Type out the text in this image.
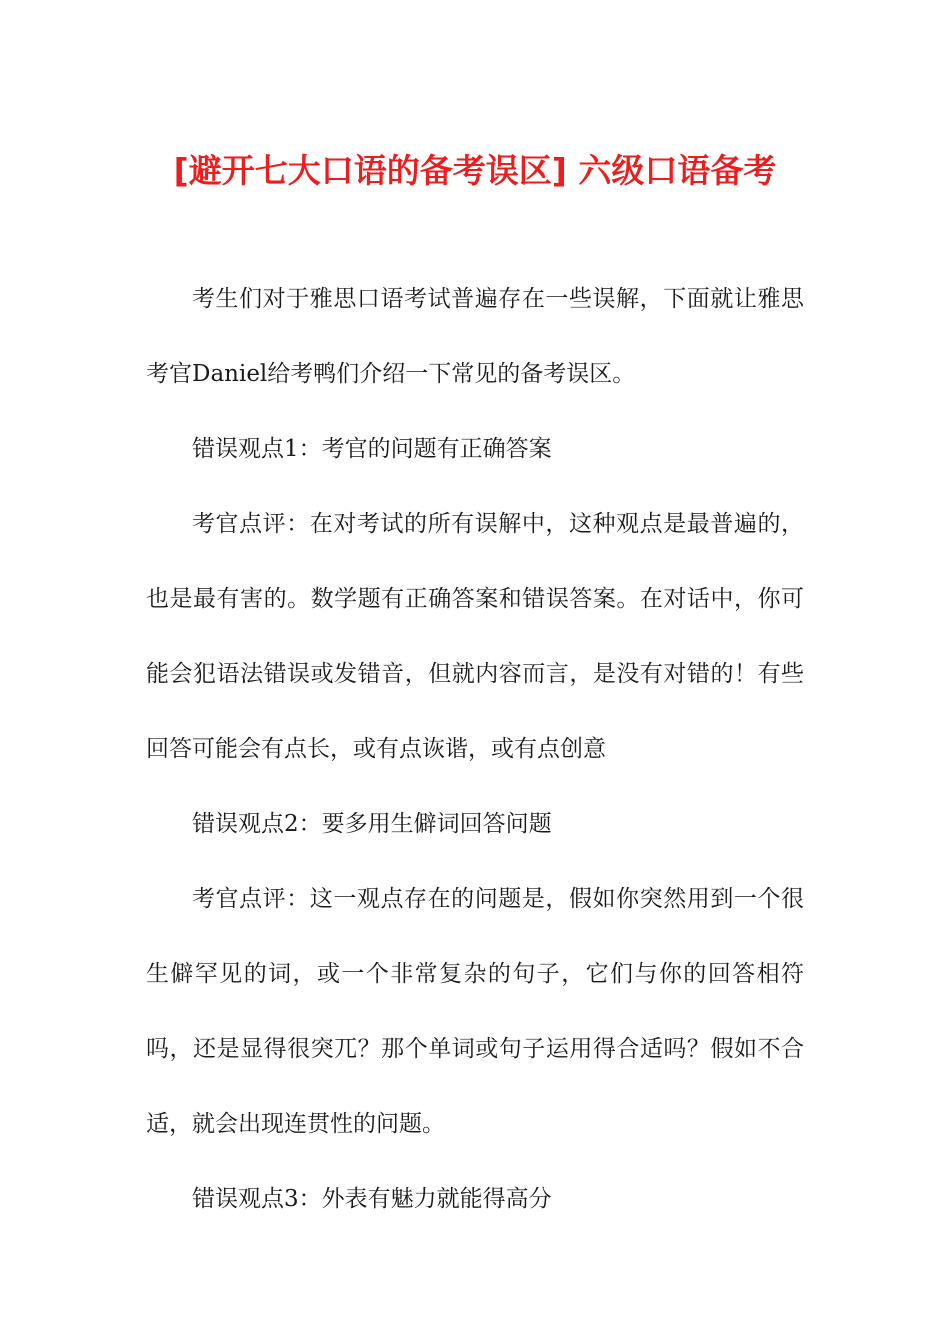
[避开七大口语的备考误区] 六级口语备考

考生们对于雅思口语考试普遍存在一些误解，下面就让雅思考官Daniel给考鸭们介绍一下常见的备考误区。

错误观点1：考官的问题有正确答案

考官点评：在对考试的所有误解中，这种观点是最普遍的，也是最有害的。数学题有正确答案和错误答案。在对话中，你可能会犯语法错误或发错音，但就内容而言，是没有对错的！有些回答可能会有点长，或有点诙谐，或有点创意

错误观点2：要多用生僻词回答问题

考官点评：这一观点存在的问题是，假如你突然用到一个很生僻罕见的词，或一个非常复杂的句子，它们与你的回答相符吗，还是显得很突兀？那个单词或句子运用得合适吗？假如不合适，就会出现连贯性的问题。

错误观点3：外表有魅力就能得高分
